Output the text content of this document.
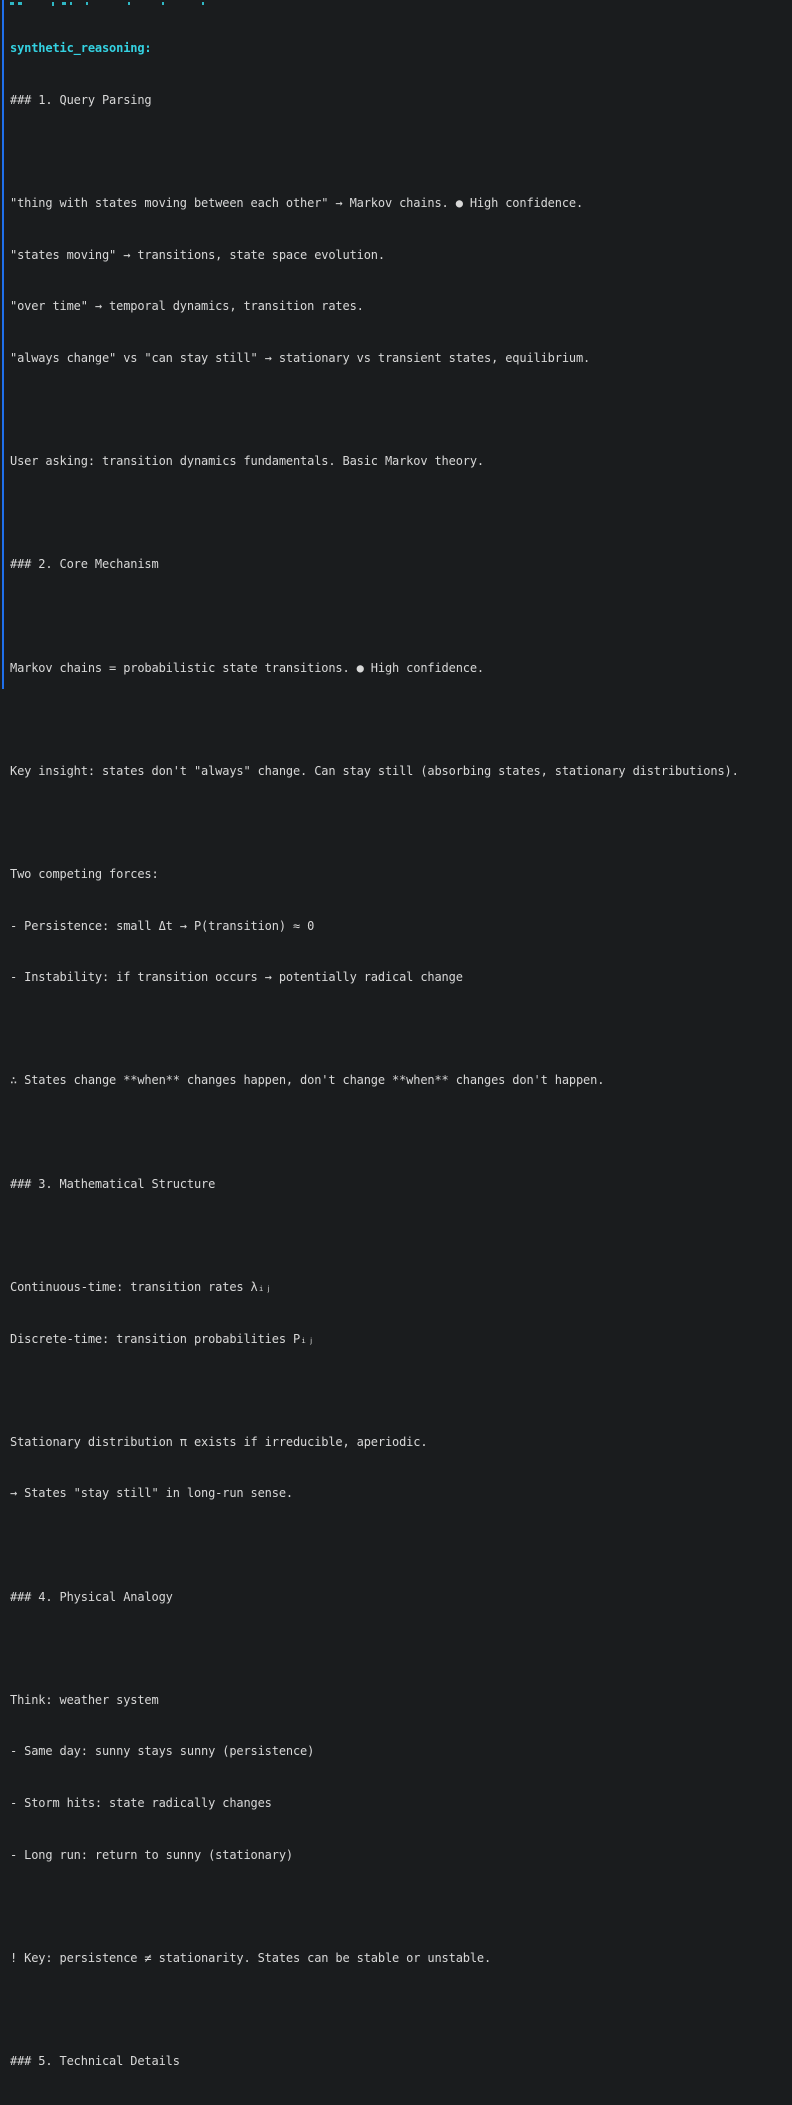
synthetic_reasoning:

### 1. Query Parsing

"thing with states moving between each other" → Markov chains. ● High confidence.

"states moving" → transitions, state space evolution.

"over time" → temporal dynamics, transition rates.

"always change" vs "can stay still" → stationary vs transient states, equilibrium.

User asking: transition dynamics fundamentals. Basic Markov theory.

### 2. Core Mechanism

Markov chains = probabilistic state transitions. ● High confidence.

Key insight: states don't "always" change. Can stay still (absorbing states, stationary distributions).

Two competing forces:

- Persistence: small Δt → P(transition) ≈ 0

- Instability: if transition occurs → potentially radical change

∴ States change **when** changes happen, don't change **when** changes don't happen.

### 3. Mathematical Structure

Continuous-time: transition rates λᵢⱼ

Discrete-time: transition probabilities Pᵢⱼ

Stationary distribution π exists if irreducible, aperiodic.

→ States "stay still" in long-run sense.

### 4. Physical Analogy

Think: weather system

- Same day: sunny stays sunny (persistence)

- Storm hits: state radically changes

- Long run: return to sunny (stationary)

! Key: persistence ≠ stationarity. States can be stable or unstable.

### 5. Technical Details
